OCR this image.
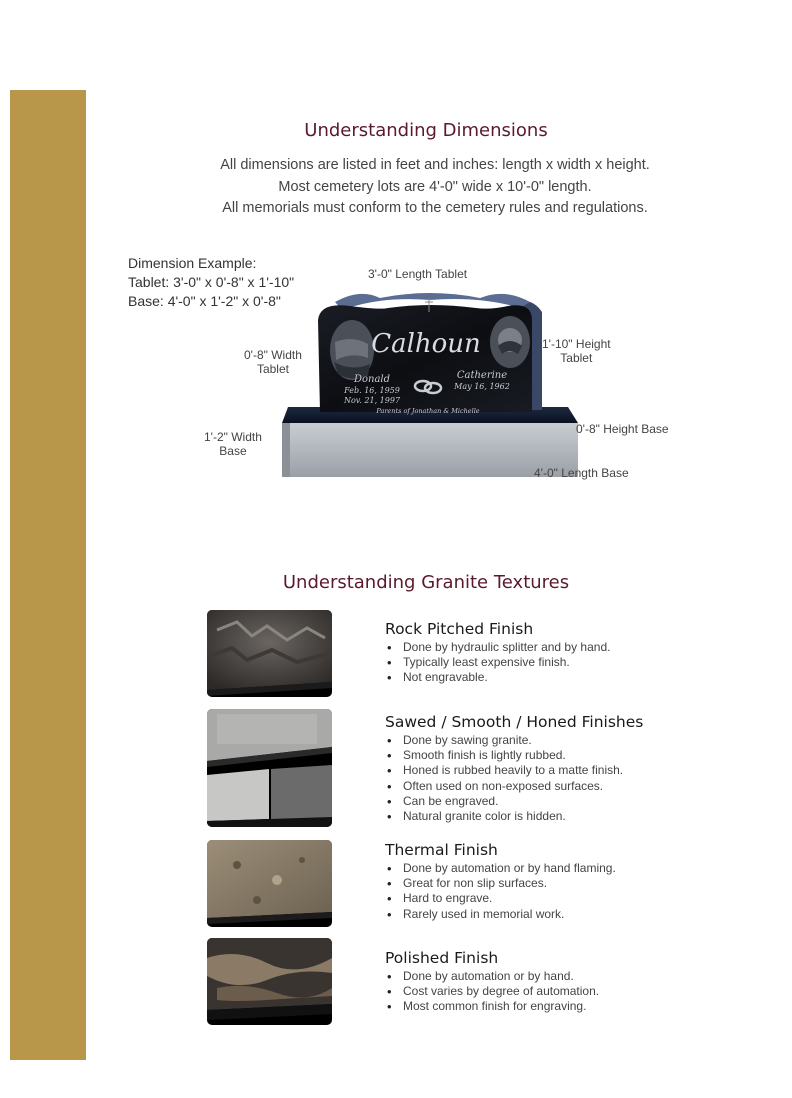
Understanding Dimensions
All dimensions are listed in feet and inches: length x width x height.
Most cemetery lots are 4'-0" wide x 10'-0" length.
All memorials must conform to the cemetery rules and regulations.
Dimension Example:
Tablet: 3'-0" x 0'-8" x 1'-10"
Base: 4'-0" x 1'-2" x 0'-8"
Calhoun
Donald
Feb. 16, 1959
Nov. 21, 1997
Catherine
May 16, 1962
Parents of Jonathan & Michelle
3'-0" Length Tablet
0'-8" Width
Tablet
1'-10" Height
Tablet
0'-8" Height Base
1'-2" Width
Base
4'-0" Length Base
Understanding Granite Textures
Rock Pitched Finish
• Done by hydraulic splitter and by hand.
• Typically least expensive finish.
• Not engravable.
Sawed / Smooth / Honed Finishes
• Done by sawing granite.
• Smooth finish is lightly rubbed.
• Honed is rubbed heavily to a matte finish.
• Often used on non-exposed surfaces.
• Can be engraved.
• Natural granite color is hidden.
Thermal Finish
• Done by automation or by hand flaming.
• Great for non slip surfaces.
• Hard to engrave.
• Rarely used in memorial work.
Polished Finish
• Done by automation or by hand.
• Cost varies by degree of automation.
• Most common finish for engraving.
